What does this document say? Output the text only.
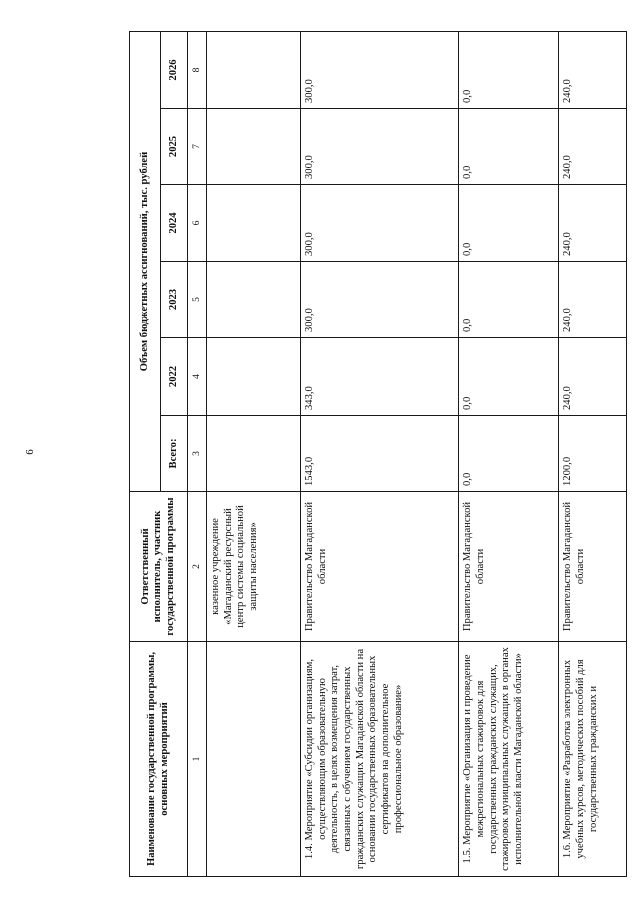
6
Наименование государственной программы, основных мероприятий	Ответственный исполнитель, участник государственной программы	Объем бюджетных ассигнований, тыс. рублей					
		Всего:	2022	2023	2024	2025	2026
1	2	3	4	5	6	7	8
	казенное учреждение «Магаданский ресурсный центр системы социальной защиты населения»						
1.4. Мероприятие «Субсидии организациям, осуществляющим образовательную деятельность, в целях возмещения затрат, связанных с обучением государственных гражданских служащих Магаданской области на основании государственных образовательных сертификатов на дополнительное профессиональное образование»	Правительство Магаданской области	1543,0	343,0	300,0	300,0	300,0	300,0
1.5. Мероприятие «Организация и проведение межрегиональных стажировок для государственных гражданских служащих, стажировок муниципальных служащих в органах исполнительной власти Магаданской области»	Правительство Магаданской области	0,0	0,0	0,0	0,0	0,0	0,0
1.6. Мероприятие «Разработка электронных учебных курсов, методических пособий для государственных гражданских и	Правительство Магаданской области	1200,0	240,0	240,0	240,0	240,0	240,0
